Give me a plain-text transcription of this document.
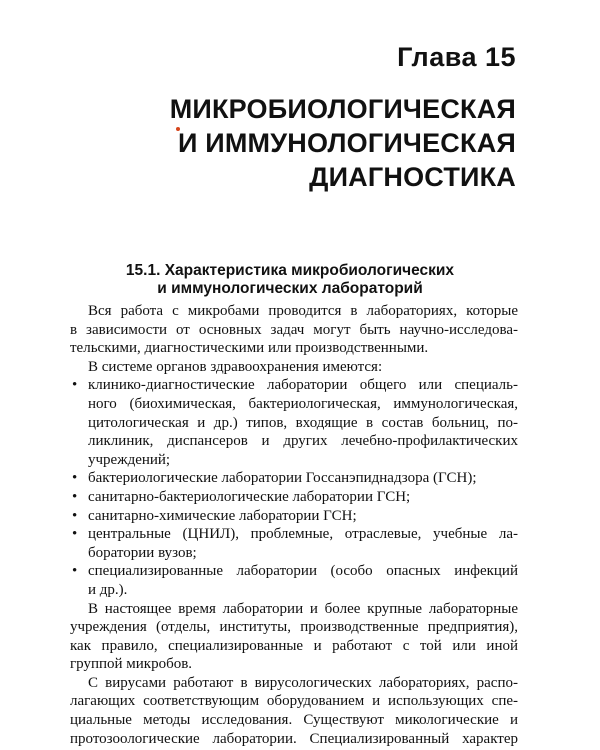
Глава 15
МИКРОБИОЛОГИЧЕСКАЯ
И ИММУНОЛОГИЧЕСКАЯ
ДИАГНОСТИКА
15.1. Характеристика микробиологических
и иммунологических лабораторий
Вся работа с микробами проводится в лабораториях, которые
в зависимости от основных задач могут быть научно-исследова-
тельскими, диагностическими или производственными.
В системе органов здравоохранения имеются:
• клинико-диагностические лаборатории общего или специаль-
ного (биохимическая, бактериологическая, иммунологическая,
цитологическая и др.) типов, входящие в состав больниц, по-
ликлиник, диспансеров и других лечебно-профилактических
учреждений;
• бактериологические лаборатории Госсанэпиднадзора (ГСН);
• санитарно-бактериологические лаборатории ГСН;
• санитарно-химические лаборатории ГСН;
• центральные (ЦНИЛ), проблемные, отраслевые, учебные ла-
боратории вузов;
• специализированные лаборатории (особо опасных инфекций
и др.).
В настоящее время лаборатории и более крупные лабораторные
учреждения (отделы, институты, производственные предприятия),
как правило, специализированные и работают с той или иной
группой микробов.
С вирусами работают в вирусологических лабораториях, распо-
лагающих соответствующим оборудованием и использующих спе-
циальные методы исследования. Существуют микологические и
протозоологические лаборатории. Специализированный характер
